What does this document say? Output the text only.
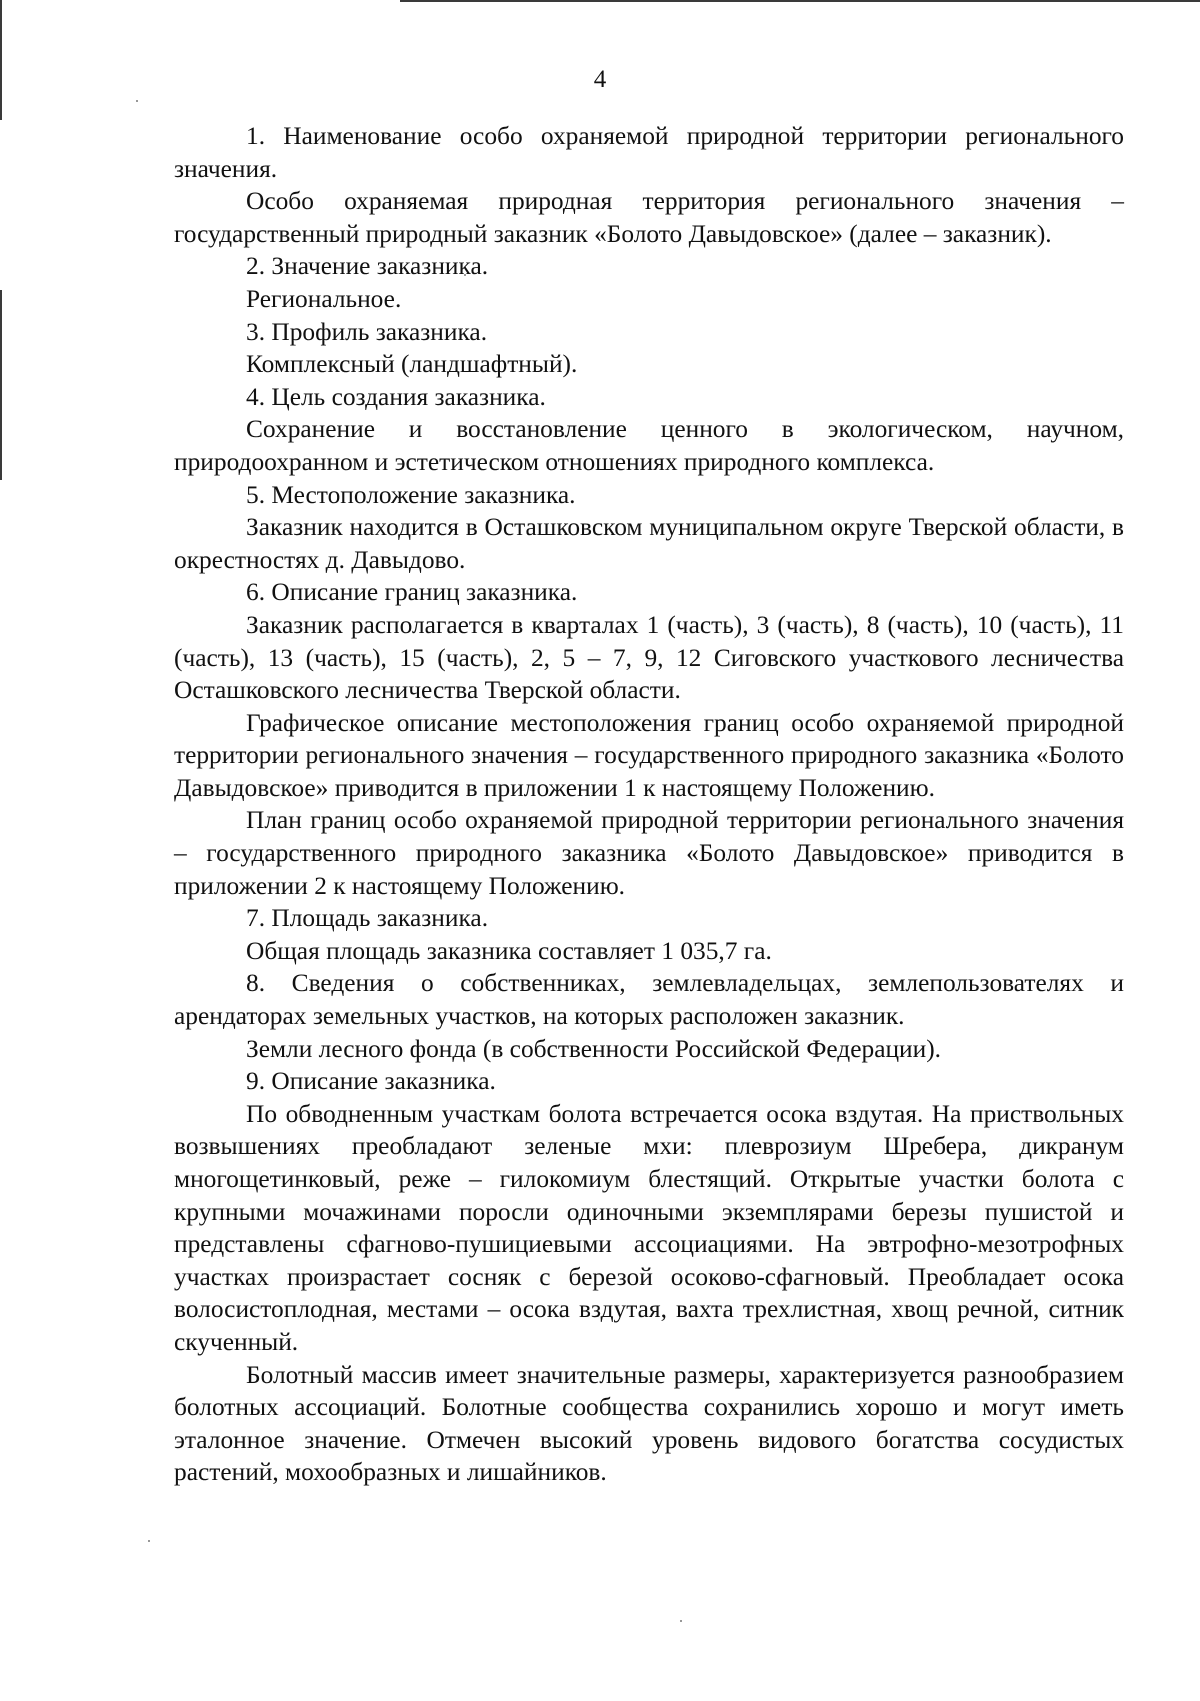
4

1. Наименование особо охраняемой природной территории регионального значения.

Особо охраняемая природная территория регионального значения – государственный природный заказник «Болото Давыдовское» (далее – заказник).

2. Значение заказника.

Региональное.

3. Профиль заказника.

Комплексный (ландшафтный).

4. Цель создания заказника.

Сохранение и восстановление ценного в экологическом, научном, природоохранном и эстетическом отношениях природного комплекса.

5. Местоположение заказника.

Заказник находится в Осташковском муниципальном округе Тверской области, в окрестностях д. Давыдово.

6. Описание границ заказника.

Заказник располагается в кварталах 1 (часть), 3 (часть), 8 (часть), 10 (часть), 11 (часть), 13 (часть), 15 (часть), 2, 5 – 7, 9, 12 Сиговского участкового лесничества Осташковского лесничества Тверской области.

Графическое описание местоположения границ особо охраняемой природной территории регионального значения – государственного природного заказника «Болото Давыдовское» приводится в приложении 1 к настоящему Положению.

План границ особо охраняемой природной территории регионального значения – государственного природного заказника «Болото Давыдовское» приводится в приложении 2 к настоящему Положению.

7. Площадь заказника.

Общая площадь заказника составляет 1 035,7 га.

8. Сведения о собственниках, землевладельцах, землепользователях и арендаторах земельных участков, на которых расположен заказник.

Земли лесного фонда (в собственности Российской Федерации).

9. Описание заказника.

По обводненным участкам болота встречается осока вздутая. На приствольных возвышениях преобладают зеленые мхи: плеврозиум Шребера, дикранум многощетинковый, реже – гилокомиум блестящий. Открытые участки болота с крупными мочажинами поросли одиночными экземплярами березы пушистой и представлены сфагново-пушициевыми ассоциациями. На эвтрофно-мезотрофных участках произрастает сосняк с березой осоково-сфагновый. Преобладает осока волосистоплодная, местами – осока вздутая, вахта трехлистная, хвощ речной, ситник скученный.

Болотный массив имеет значительные размеры, характеризуется разнообразием болотных ассоциаций. Болотные сообщества сохранились хорошо и могут иметь эталонное значение. Отмечен высокий уровень видового богатства сосудистых растений, мохообразных и лишайников.
